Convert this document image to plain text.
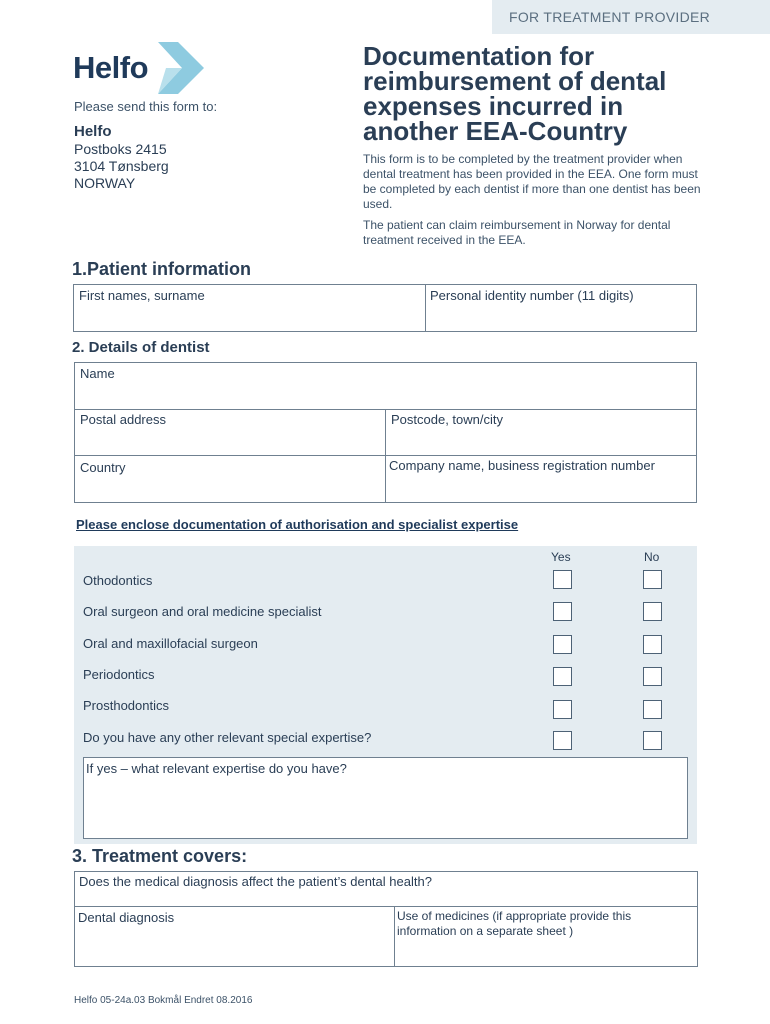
FOR TREATMENT PROVIDER
Helfo
Please send this form to:
Helfo
Postboks 2415
3104 Tønsberg
NORWAY
Documentation for reimbursement of dental expenses incurred in another EEA-Country

This form is to be completed by the treatment provider when dental treatment has been provided in the EEA. One form must be completed by each dentist if more than one dentist has been used.

The patient can claim reimbursement in Norway for dental treatment received in the EEA.

1.Patient information
First names, surname	Personal identity number (11 digits)
2. Details of dentist
Name
Postal address	Postcode, town/city
Country	Company name, business registration number
Please enclose documentation of authorisation and specialist expertise
Yes	No
Othodontics
Oral surgeon and oral medicine specialist
Oral and maxillofacial surgeon
Periodontics
Prosthodontics
Do you have any other relevant special expertise?
If yes – what relevant expertise do you have?
3. Treatment covers:
Does the medical diagnosis affect the patient’s dental health?
Dental diagnosis	Use of medicines (if appropriate provide this information on a separate sheet )
Helfo 05-24a.03 Bokmål Endret 08.2016
